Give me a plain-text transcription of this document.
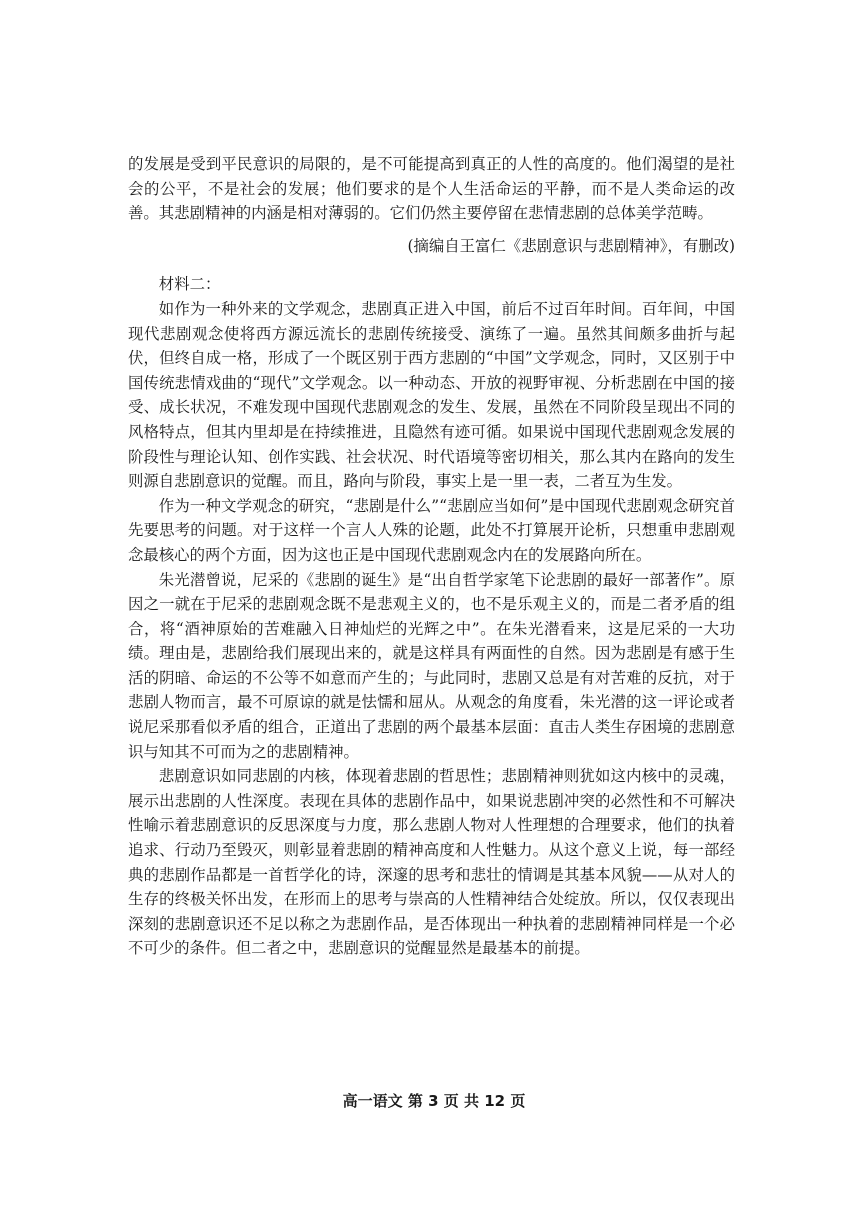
的发展是受到平民意识的局限的，是不可能提高到真正的人性的高度的。他们渴望的是社会的公平，不是社会的发展；他们要求的是个人生活命运的平静，而不是人类命运的改善。其悲剧精神的内涵是相对薄弱的。它们仍然主要停留在悲情悲剧的总体美学范畴。

(摘编自王富仁《悲剧意识与悲剧精神》，有删改)

材料二：

如作为一种外来的文学观念，悲剧真正进入中国，前后不过百年时间。百年间，中国现代悲剧观念使将西方源远流长的悲剧传统接受、演练了一遍。虽然其间颇多曲折与起伏，但终自成一格，形成了一个既区别于西方悲剧的“中国”文学观念，同时，又区别于中国传统悲情戏曲的“现代”文学观念。以一种动态、开放的视野审视、分析悲剧在中国的接受、成长状况，不难发现中国现代悲剧观念的发生、发展，虽然在不同阶段呈现出不同的风格特点，但其内里却是在持续推进，且隐然有迹可循。如果说中国现代悲剧观念发展的阶段性与理论认知、创作实践、社会状况、时代语境等密切相关，那么其内在路向的发生则源自悲剧意识的觉醒。而且，路向与阶段，事实上是一里一表，二者互为生发。

作为一种文学观念的研究，“悲剧是什么”“悲剧应当如何”是中国现代悲剧观念研究首先要思考的问题。对于这样一个言人人殊的论题，此处不打算展开论析，只想重申悲剧观念最核心的两个方面，因为这也正是中国现代悲剧观念内在的发展路向所在。

朱光潜曾说，尼采的《悲剧的诞生》是“出自哲学家笔下论悲剧的最好一部著作”。原因之一就在于尼采的悲剧观念既不是悲观主义的，也不是乐观主义的，而是二者矛盾的组合，将“酒神原始的苦难融入日神灿烂的光辉之中”。在朱光潜看来，这是尼采的一大功绩。理由是，悲剧给我们展现出来的，就是这样具有两面性的自然。因为悲剧是有感于生活的阴暗、命运的不公等不如意而产生的；与此同时，悲剧又总是有对苦难的反抗，对于悲剧人物而言，最不可原谅的就是怯懦和屈从。从观念的角度看，朱光潜的这一评论或者说尼采那看似矛盾的组合，正道出了悲剧的两个最基本层面：直击人类生存困境的悲剧意识与知其不可而为之的悲剧精神。

悲剧意识如同悲剧的内核，体现着悲剧的哲思性；悲剧精神则犹如这内核中的灵魂，展示出悲剧的人性深度。表现在具体的悲剧作品中，如果说悲剧冲突的必然性和不可解决性喻示着悲剧意识的反思深度与力度，那么悲剧人物对人性理想的合理要求，他们的执着追求、行动乃至毁灭，则彰显着悲剧的精神高度和人性魅力。从这个意义上说，每一部经典的悲剧作品都是一首哲学化的诗，深邃的思考和悲壮的情调是其基本风貌——从对人的生存的终极关怀出发，在形而上的思考与崇高的人性精神结合处绽放。所以，仅仅表现出深刻的悲剧意识还不足以称之为悲剧作品，是否体现出一种执着的悲剧精神同样是一个必不可少的条件。但二者之中，悲剧意识的觉醒显然是最基本的前提。

高一语文 第 3 页 共 12 页
